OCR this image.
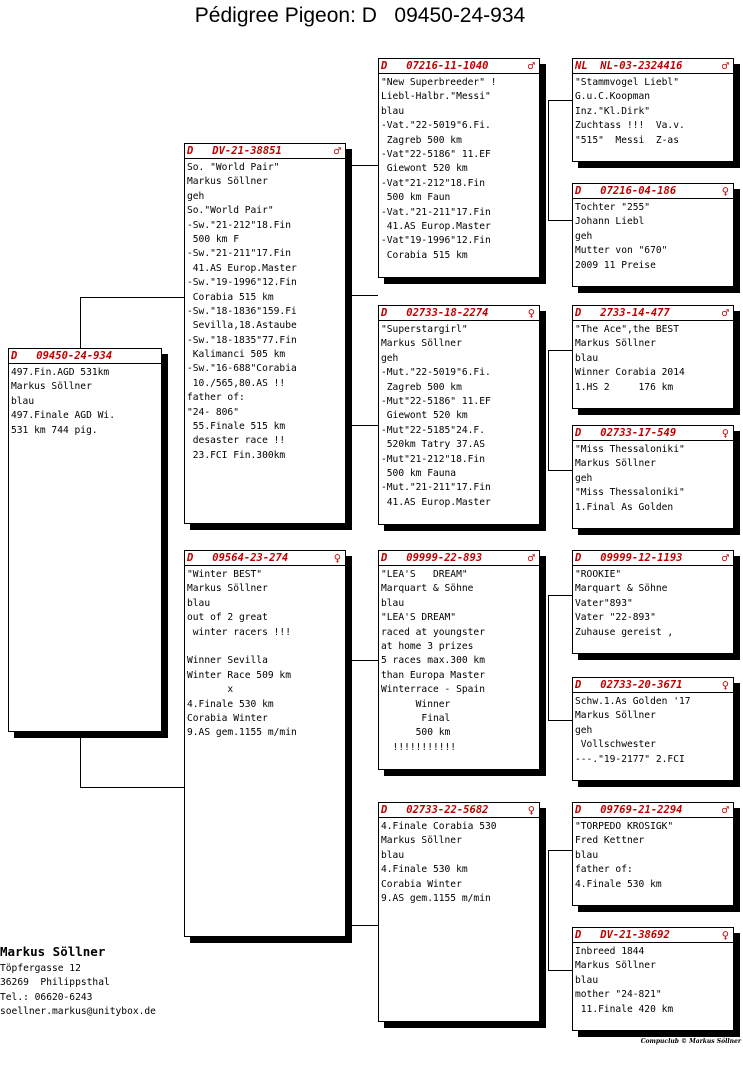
Pédigree Pigeon: D   09450-24-934
D   09450-24-934
497.Fin.AGD 531km
Markus Söllner
blau
497.Finale AGD Wi.
531 km 744 pig.
D   DV-21-38851	♂
So. "World Pair"
Markus Söllner
geh
So."World Pair"
-Sw."21-212"18.Fin
500 km F
-Sw."21-211"17.Fin
41.AS Europ.Master
-Sw."19-1996"12.Fin
Corabia 515 km
-Sw."18-1836"159.Fi
Sevilla,18.Astaube
-Sw."18-1835"77.Fin
Kalimanci 505 km
-Sw."16-688"Corabia
10./565,80.AS !!
father of:
"24- 806"
55.Finale 515 km
desaster race !!
23.FCI Fin.300km
D   09564-23-274	♀
"Winter BEST"
Markus Söllner
blau
out of 2 great
winter racers !!!
Winner Sevilla
Winter Race 509 km
x
4.Finale 530 km
Corabia Winter
9.AS gem.1155 m/min
D   07216-11-1040	♂
"New Superbreeder" !
Liebl-Halbr."Messi"
blau
-Vat."22-5019"6.Fi.
Zagreb 500 km
-Vat"22-5186" 11.EF
Giewont 520 km
-Vat"21-212"18.Fin
500 km Faun
-Vat."21-211"17.Fin
41.AS Europ.Master
-Vat"19-1996"12.Fin
Corabia 515 km
D   02733-18-2274	♀
"Superstargirl"
Markus Söllner
geh
-Mut."22-5019"6.Fi.
Zagreb 500 km
-Mut"22-5186" 11.EF
Giewont 520 km
-Mut"22-5185"24.F.
520km Tatry 37.AS
-Mut"21-212"18.Fin
500 km Fauna
-Mut."21-211"17.Fin
41.AS Europ.Master
D   09999-22-893	♂
"LEA'S   DREAM"
Marquart & Söhne
blau
"LEA'S DREAM"
raced at youngster
at home 3 prizes
5 races max.300 km
than Europa Master
Winterrace - Spain
Winner
Final
500 km
!!!!!!!!!!!
D   02733-22-5682	♀
4.Finale Corabia 530
Markus Söllner
blau
4.Finale 530 km
Corabia Winter
9.AS gem.1155 m/min
NL  NL-03-2324416	♂
"Stammvogel Liebl"
G.u.C.Koopman
Inz."Kl.Dirk"
Zuchtass !!!  Va.v.
"515"  Messi  Z-as
D   07216-04-186	♀
Tochter "255"
Johann Liebl
geh
Mutter von "670"
2009 11 Preise
D   2733-14-477	♂
"The Ace",the BEST
Markus Söllner
blau
Winner Corabia 2014
1.HS 2     176 km
D   02733-17-549	♀
"Miss Thessaloniki"
Markus Söllner
geh
"Miss Thessaloniki"
1.Final As Golden
D   09999-12-1193	♂
"ROOKIE"
Marquart & Söhne
Vater"893"
Vater "22-893"
Zuhause gereist ,
D   02733-20-3671	♀
Schw.1.As Golden '17
Markus Söllner
geh
Vollschwester
---."19-2177" 2.FCI
D   09769-21-2294	♂
"TORPEDO KROSIGK"
Fred Kettner
blau
father of:
4.Finale 530 km
D   DV-21-38692	♀
Inbreed 1844
Markus Söllner
blau
mother "24-821"
11.Finale 420 km
Markus Söllner
Töpfergasse 12
36269  Philippsthal
Tel.: 06620-6243
soellner.markus@unitybox.de
Compuclub © Markus Söllner
